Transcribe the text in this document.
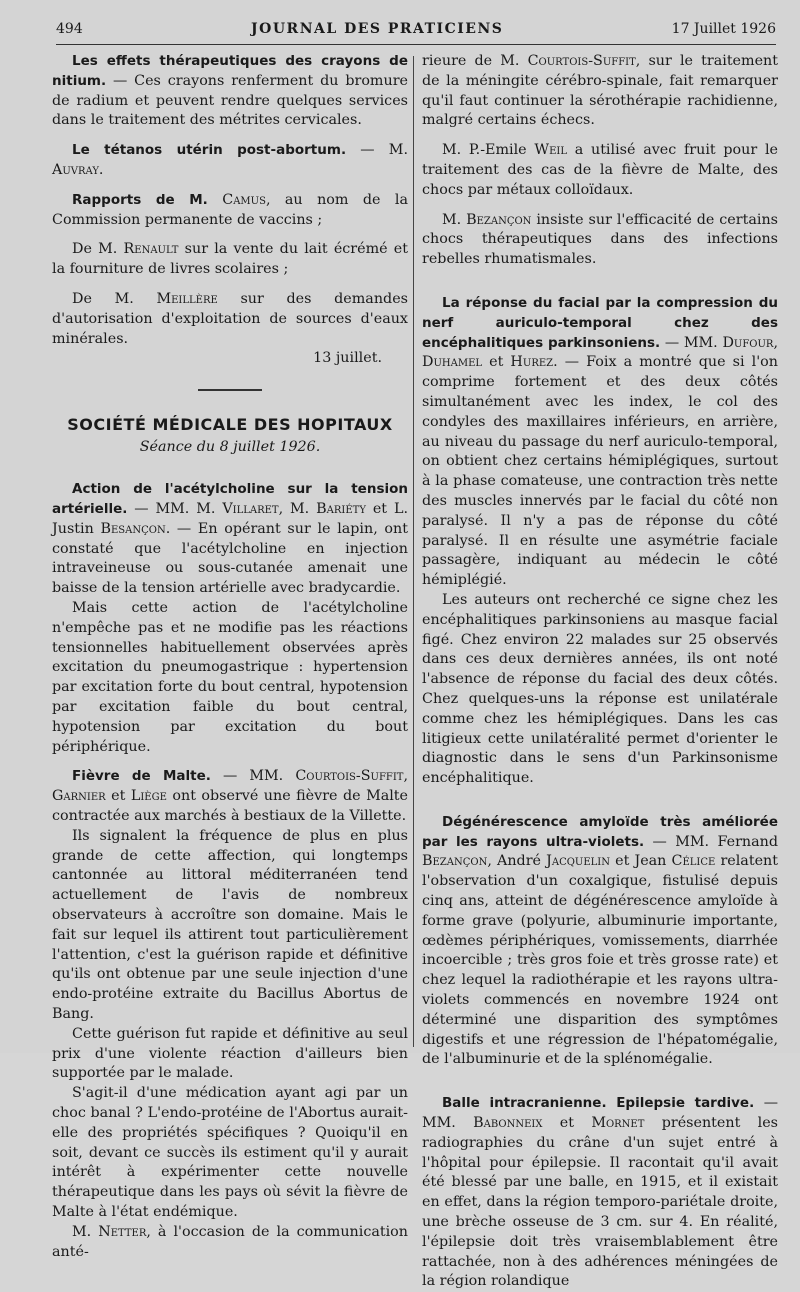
494	JOURNAL DES PRATICIENS	17 Juillet 1926

Les effets thérapeutiques des crayons de nitium. — Ces crayons renferment du bromure de radium et peuvent rendre quelques services dans le traitement des métrites cervicales.

Le tétanos utérin post-abortum. — M. Auvray.

Rapports de M. Camus, au nom de la Commission permanente de vaccins ;

De M. Renault sur la vente du lait écrémé et la fourniture de livres scolaires ;

De M. Meillère sur des demandes d'autorisation d'exploitation de sources d'eaux minérales.

13 juillet.

SOCIÉTÉ MÉDICALE DES HOPITAUX
Séance du 8 juillet 1926.

Action de l'acétylcholine sur la tension artérielle. — MM. M. Villaret, M. Bariéty et L. Justin Besançon. — En opérant sur le lapin, ont constaté que l'acétylcholine en injection intraveineuse ou sous-cutanée amenait une baisse de la tension artérielle avec bradycardie.

Mais cette action de l'acétylcholine n'empêche pas et ne modifie pas les réactions tensionnelles habituellement observées après excitation du pneumogastrique : hypertension par excitation forte du bout central, hypotension par excitation faible du bout central, hypotension par excitation du bout périphérique.

Fièvre de Malte. — MM. Courtois-Suffit, Garnier et Liège ont observé une fièvre de Malte contractée aux marchés à bestiaux de la Villette.

Ils signalent la fréquence de plus en plus grande de cette affection, qui longtemps cantonnée au littoral méditerranéen tend actuellement de l'avis de nombreux observateurs à accroître son domaine. Mais le fait sur lequel ils attirent tout particulièrement l'attention, c'est la guérison rapide et définitive qu'ils ont obtenue par une seule injection d'une endo-protéine extraite du Bacillus Abortus de Bang.

Cette guérison fut rapide et définitive au seul prix d'une violente réaction d'ailleurs bien supportée par le malade.

S'agit-il d'une médication ayant agi par un choc banal ? L'endo-protéine de l'Abortus aurait-elle des propriétés spécifiques ? Quoiqu'il en soit, devant ce succès ils estiment qu'il y aurait intérêt à expérimenter cette nouvelle thérapeutique dans les pays où sévit la fièvre de Malte à l'état endémique.

M. Netter, à l'occasion de la communication anté-

rieure de M. Courtois-Suffit, sur le traitement de la méningite cérébro-spinale, fait remarquer qu'il faut continuer la sérothérapie rachidienne, malgré certains échecs.

M. P.-Emile Weil a utilisé avec fruit pour le traitement des cas de la fièvre de Malte, des chocs par métaux colloïdaux.

M. Bezançon insiste sur l'efficacité de certains chocs thérapeutiques dans des infections rebelles rhumatismales.

La réponse du facial par la compression du nerf auriculo-temporal chez des encéphalitiques parkinsoniens. — MM. Dufour, Duhamel et Hurez. — Foix a montré que si l'on comprime fortement et des deux côtés simultanément avec les index, le col des condyles des maxillaires inférieurs, en arrière, au niveau du passage du nerf auriculo-temporal, on obtient chez certains hémiplégiques, surtout à la phase comateuse, une contraction très nette des muscles innervés par le facial du côté non paralysé. Il n'y a pas de réponse du côté paralysé. Il en résulte une asymétrie faciale passagère, indiquant au médecin le côté hémiplégié.

Les auteurs ont recherché ce signe chez les encéphalitiques parkinsoniens au masque facial figé. Chez environ 22 malades sur 25 observés dans ces deux dernières années, ils ont noté l'absence de réponse du facial des deux côtés. Chez quelques-uns la réponse est unilatérale comme chez les hémiplégiques. Dans les cas litigieux cette unilatéralité permet d'orienter le diagnostic dans le sens d'un Parkinsonisme encéphalitique.

Dégénérescence amyloïde très améliorée par les rayons ultra-violets. — MM. Fernand Bezançon, André Jacquelin et Jean Célice relatent l'observation d'un coxalgique, fistulisé depuis cinq ans, atteint de dégénérescence amyloïde à forme grave (polyurie, albuminurie importante, œdèmes périphériques, vomissements, diarrhée incoercible ; très gros foie et très grosse rate) et chez lequel la radiothérapie et les rayons ultra-violets commencés en novembre 1924 ont déterminé une disparition des symptômes digestifs et une régression de l'hépatomégalie, de l'albuminurie et de la splénomégalie.

Balle intracranienne. Epilepsie tardive. — MM. Babonneix et Mornet présentent les radiographies du crâne d'un sujet entré à l'hôpital pour épilepsie. Il racontait qu'il avait été blessé par une balle, en 1915, et il existait en effet, dans la région temporo-pariétale droite, une brèche osseuse de 3 cm. sur 4. En réalité, l'épilepsie doit très vraisemblablement être rattachée, non à des adhérences méningées de la région rolandique
